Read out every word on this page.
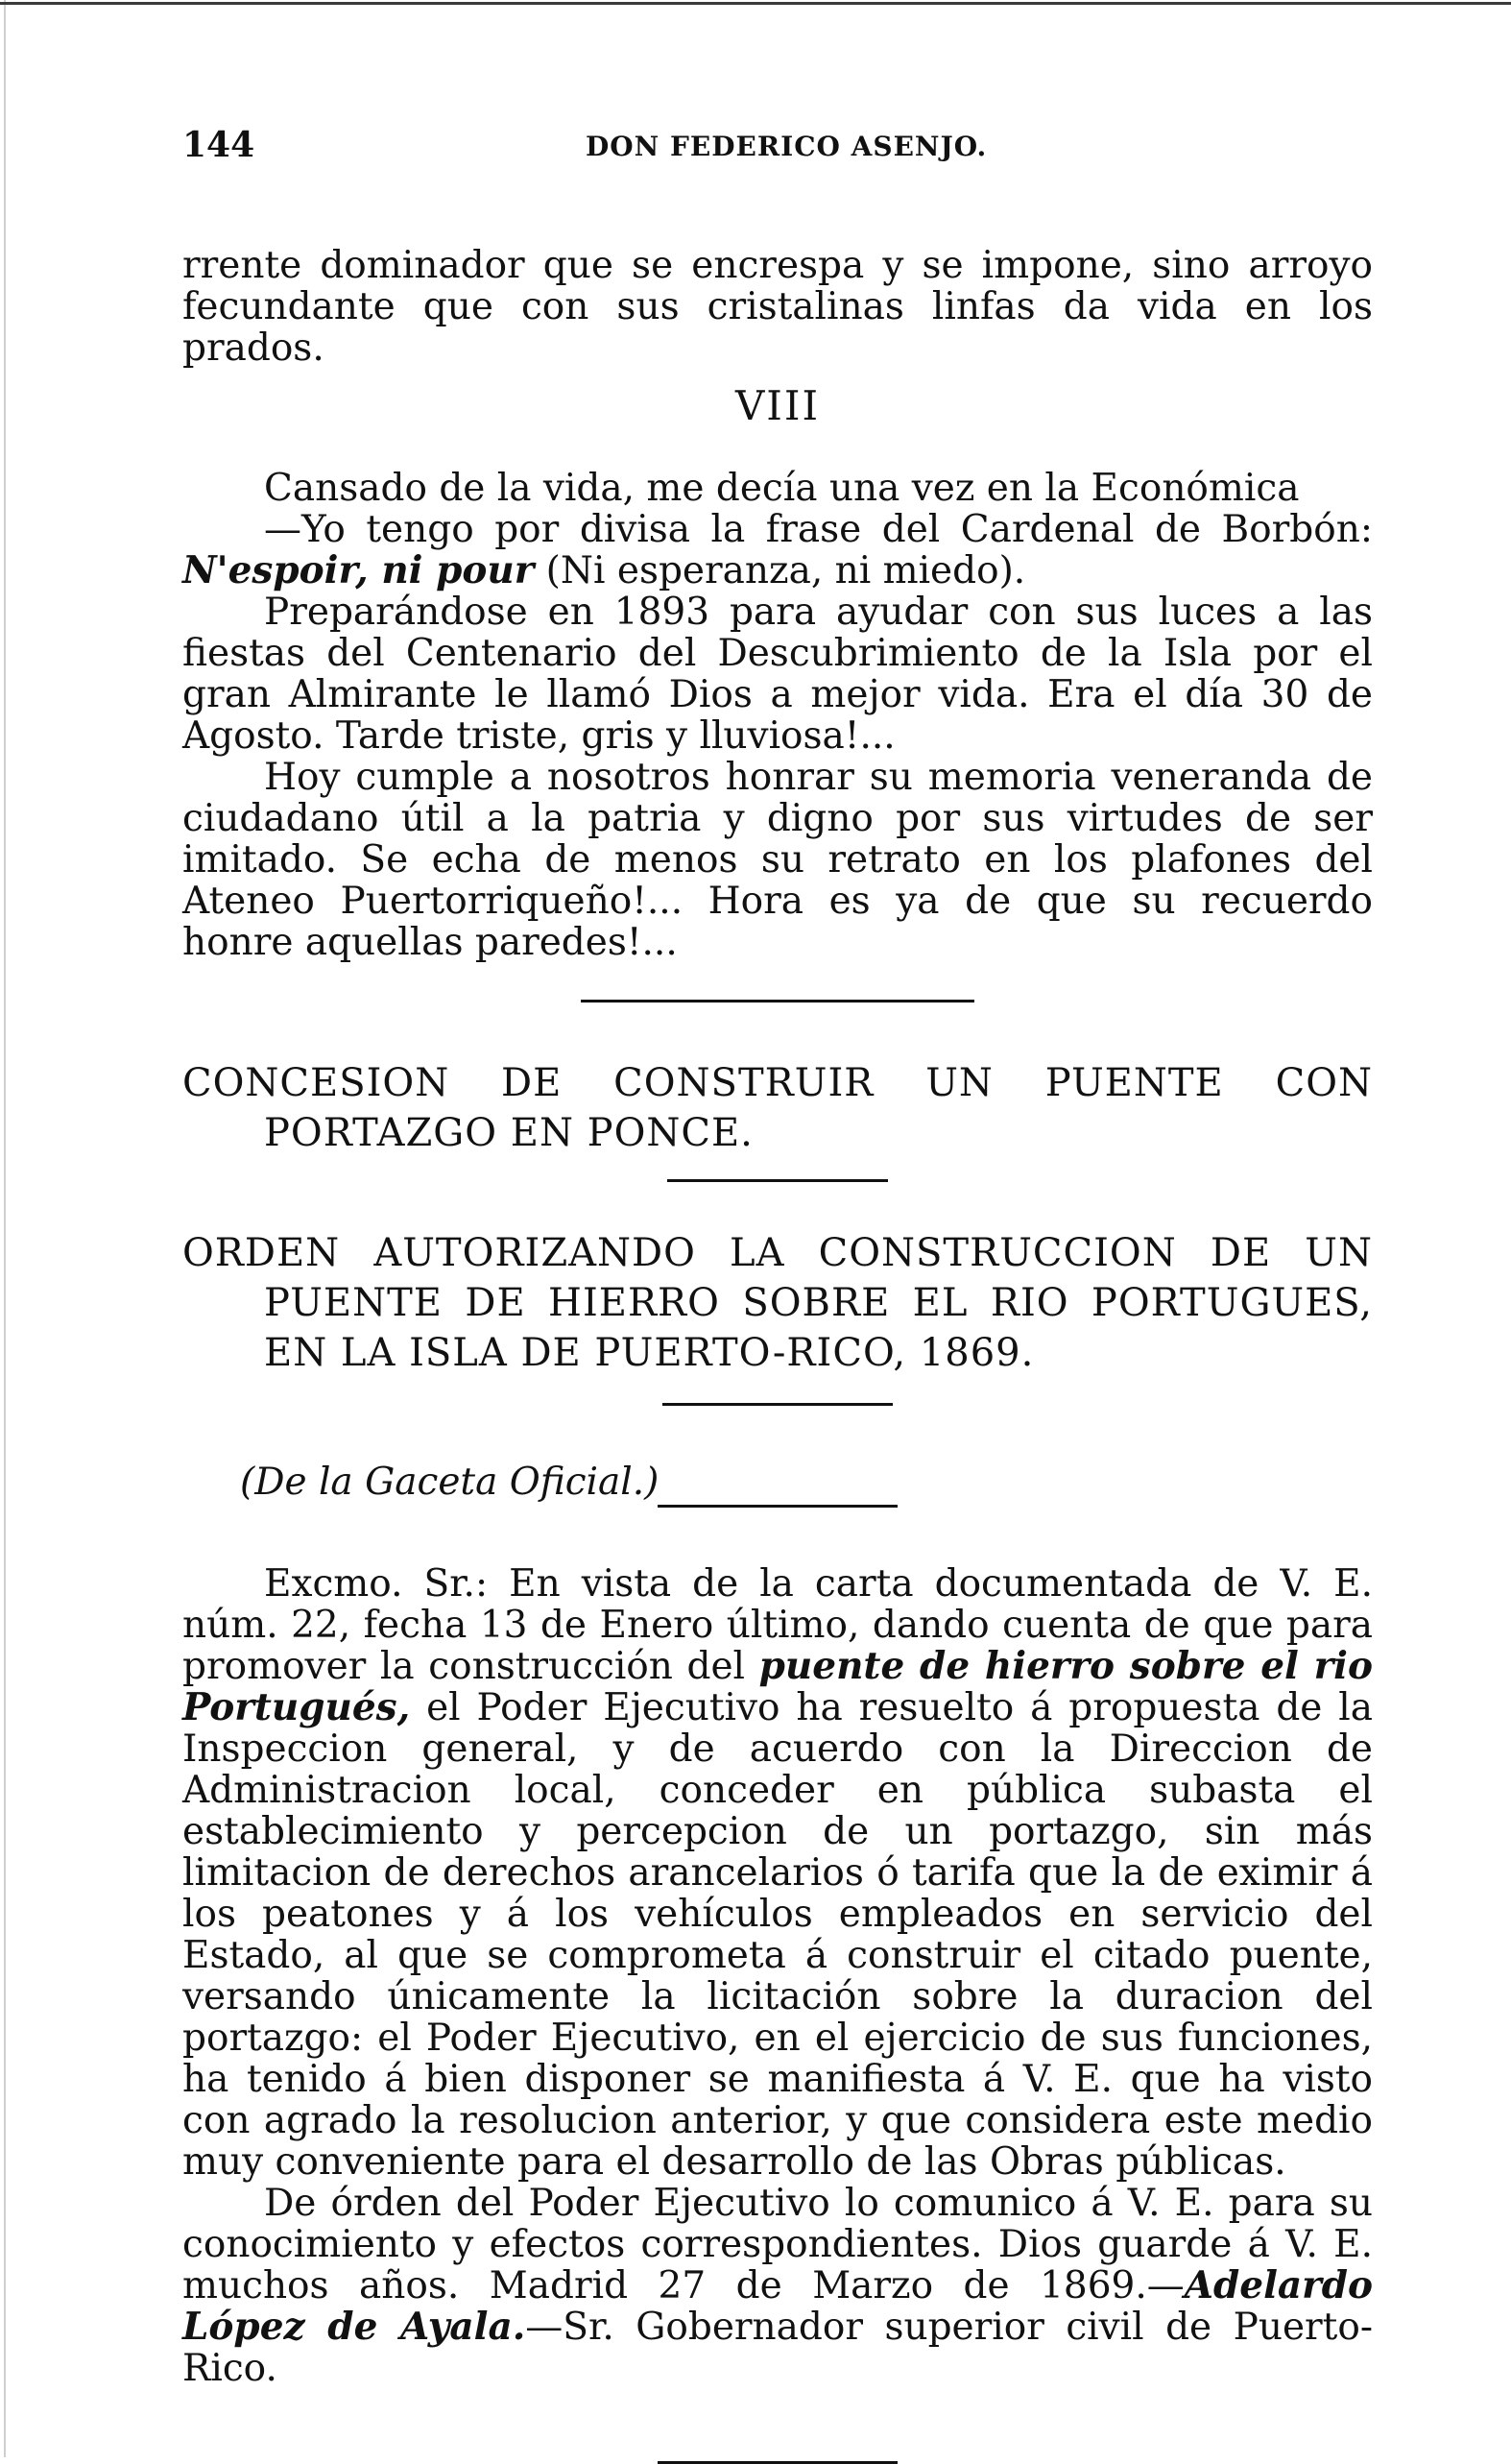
144	DON FEDERICO ASENJO.

rrente dominador que se encrespa y se impone, sino arroyo fecundante que con sus cristalinas linfas da vida en los prados.

VIII

Cansado de la vida, me decía una vez en la Económica

—Yo tengo por divisa la frase del Cardenal de Borbón: N'espoir, ni pour (Ni esperanza, ni miedo).

Preparándose en 1893 para ayudar con sus luces a las fiestas del Centenario del Descubrimiento de la Isla por el gran Almirante le llamó Dios a mejor vida. Era el día 30 de Agosto. Tarde triste, gris y lluviosa!...

Hoy cumple a nosotros honrar su memoria veneranda de ciudadano útil a la patria y digno por sus virtudes de ser imitado. Se echa de menos su retrato en los plafones del Ateneo Puertorriqueño!... Hora es ya de que su recuerdo honre aquellas paredes!...

CONCESION DE CONSTRUIR UN PUENTE CON PORTAZGO EN PONCE.

ORDEN AUTORIZANDO LA CONSTRUCCION DE UN PUENTE DE HIERRO SOBRE EL RIO PORTUGUES, EN LA ISLA DE PUERTO-RICO, 1869.

(De la Gaceta Oficial.)

Excmo. Sr.: En vista de la carta documentada de V. E. núm. 22, fecha 13 de Enero último, dando cuenta de que para promover la construcción del puente de hierro sobre el rio Portugués, el Poder Ejecutivo ha resuelto á propuesta de la Inspeccion general, y de acuerdo con la Direccion de Administracion local, conceder en pública subasta el establecimiento y percepcion de un portazgo, sin más limitacion de derechos arancelarios ó tarifa que la de eximir á los peatones y á los vehículos empleados en servicio del Estado, al que se comprometa á construir el citado puente, versando únicamente la licitación sobre la duracion del portazgo: el Poder Ejecutivo, en el ejercicio de sus funciones, ha tenido á bien disponer se manifiesta á V. E. que ha visto con agrado la resolucion anterior, y que considera este medio muy conveniente para el desarrollo de las Obras públicas.

De órden del Poder Ejecutivo lo comunico á V. E. para su conocimiento y efectos correspondientes. Dios guarde á V. E. muchos años. Madrid 27 de Marzo de 1869.—Adelardo López de Ayala.—Sr. Gobernador superior civil de Puerto-Rico.
